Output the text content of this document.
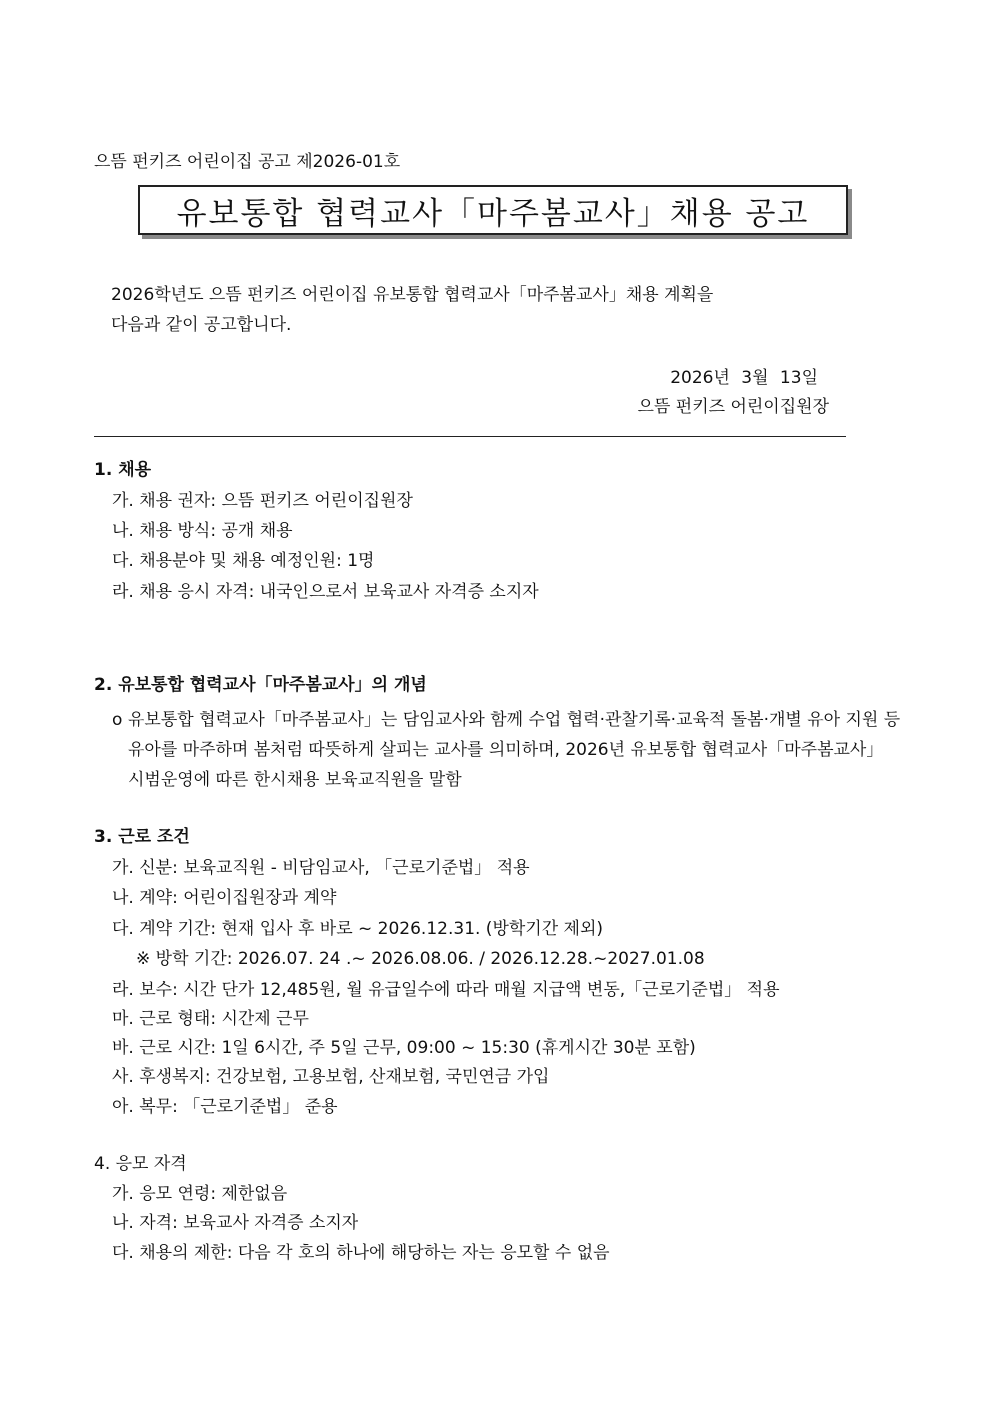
으뜸 펀키즈 어린이집 공고 제2026-01호
유보통합 협력교사「마주봄교사」채용 공고
2026학년도 으뜸 펀키즈 어린이집 유보통합 협력교사「마주봄교사」채용 계획을
다음과 같이 공고합니다.
2026년 3월 13일
으뜸 펀키즈 어린이집원장
1. 채용
가. 채용 권자: 으뜸 펀키즈 어린이집원장
나. 채용 방식: 공개 채용
다. 채용분야 및 채용 예정인원: 1명
라. 채용 응시 자격: 내국인으로서 보육교사 자격증 소지자
2. 유보통합 협력교사「마주봄교사」의 개념
o 유보통합 협력교사「마주봄교사」는 담임교사와 함께 수업 협력·관찰기록·교육적 돌봄·개별 유아 지원 등 유아를 마주하며 봄처럼 따뜻하게 살피는 교사를 의미하며, 2026년 유보통합 협력교사「마주봄교사」시범운영에 따른 한시채용 보육교직원을 말함
3. 근로 조건
가. 신분: 보육교직원 - 비담임교사, 「근로기준법」 적용
나. 계약: 어린이집원장과 계약
다. 계약 기간: 현재 입사 후 바로 ~ 2026.12.31. (방학기간 제외)
※ 방학 기간: 2026.07. 24 .~ 2026.08.06. / 2026.12.28.~2027.01.08
라. 보수: 시간 단가 12,485원, 월 유급일수에 따라 매월 지급액 변동,「근로기준법」 적용
마. 근로 형태: 시간제 근무
바. 근로 시간: 1일 6시간, 주 5일 근무, 09:00 ~ 15:30 (휴게시간 30분 포함)
사. 후생복지: 건강보험, 고용보험, 산재보험, 국민연금 가입
아. 복무: 「근로기준법」 준용
4. 응모 자격
가. 응모 연령: 제한없음
나. 자격: 보육교사 자격증 소지자
다. 채용의 제한: 다음 각 호의 하나에 해당하는 자는 응모할 수 없음
